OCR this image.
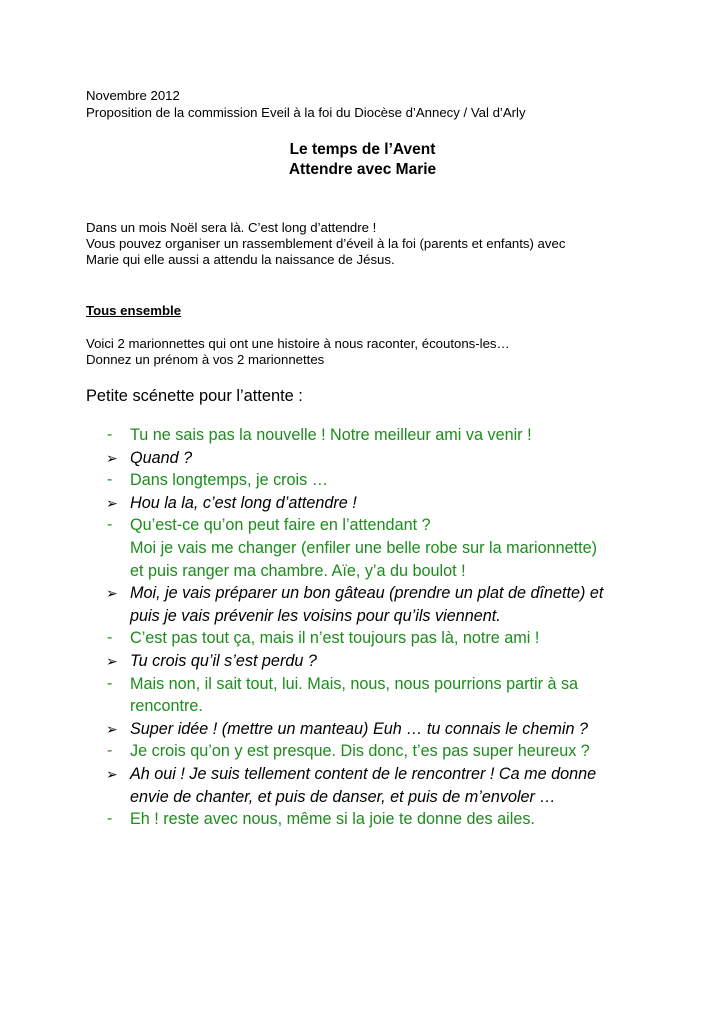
Novembre 2012
Proposition de la commission Eveil à la foi du Diocèse d’Annecy / Val d’Arly
Le temps de l’Avent
Attendre avec Marie
Dans un mois Noël sera là. C’est long d’attendre !
Vous pouvez organiser un rassemblement d’éveil à la foi (parents et enfants) avec
Marie qui elle aussi a attendu la naissance de Jésus.
Tous ensemble
Voici 2 marionnettes qui ont une histoire à nous raconter, écoutons-les…
Donnez un prénom à vos 2 marionnettes
Petite scénette pour l’attente :
- Tu ne sais pas la nouvelle ! Notre meilleur ami va venir !
➢ Quand ?
- Dans longtemps, je crois …
➢ Hou la la, c’est long d’attendre !
- Qu’est-ce qu’on peut faire en l’attendant ?
Moi je vais me changer (enfiler une belle robe sur la marionnette)
et puis ranger ma chambre. Aïe, y’a du boulot !
➢ Moi, je vais préparer un bon gâteau (prendre un plat de dînette) et
puis je vais prévenir les voisins pour qu’ils viennent.
- C’est pas tout ça, mais il n’est toujours pas là, notre ami !
➢ Tu crois qu’il s’est perdu ?
- Mais non, il sait tout, lui. Mais, nous, nous pourrions partir à sa
rencontre.
➢ Super idée ! (mettre un manteau) Euh … tu connais le chemin ?
- Je crois qu’on y est presque. Dis donc, t’es pas super heureux ?
➢ Ah oui ! Je suis tellement content de le rencontrer ! Ca me donne
envie de chanter, et puis de danser, et puis de m’envoler …
- Eh ! reste avec nous, même si la joie te donne des ailes.
